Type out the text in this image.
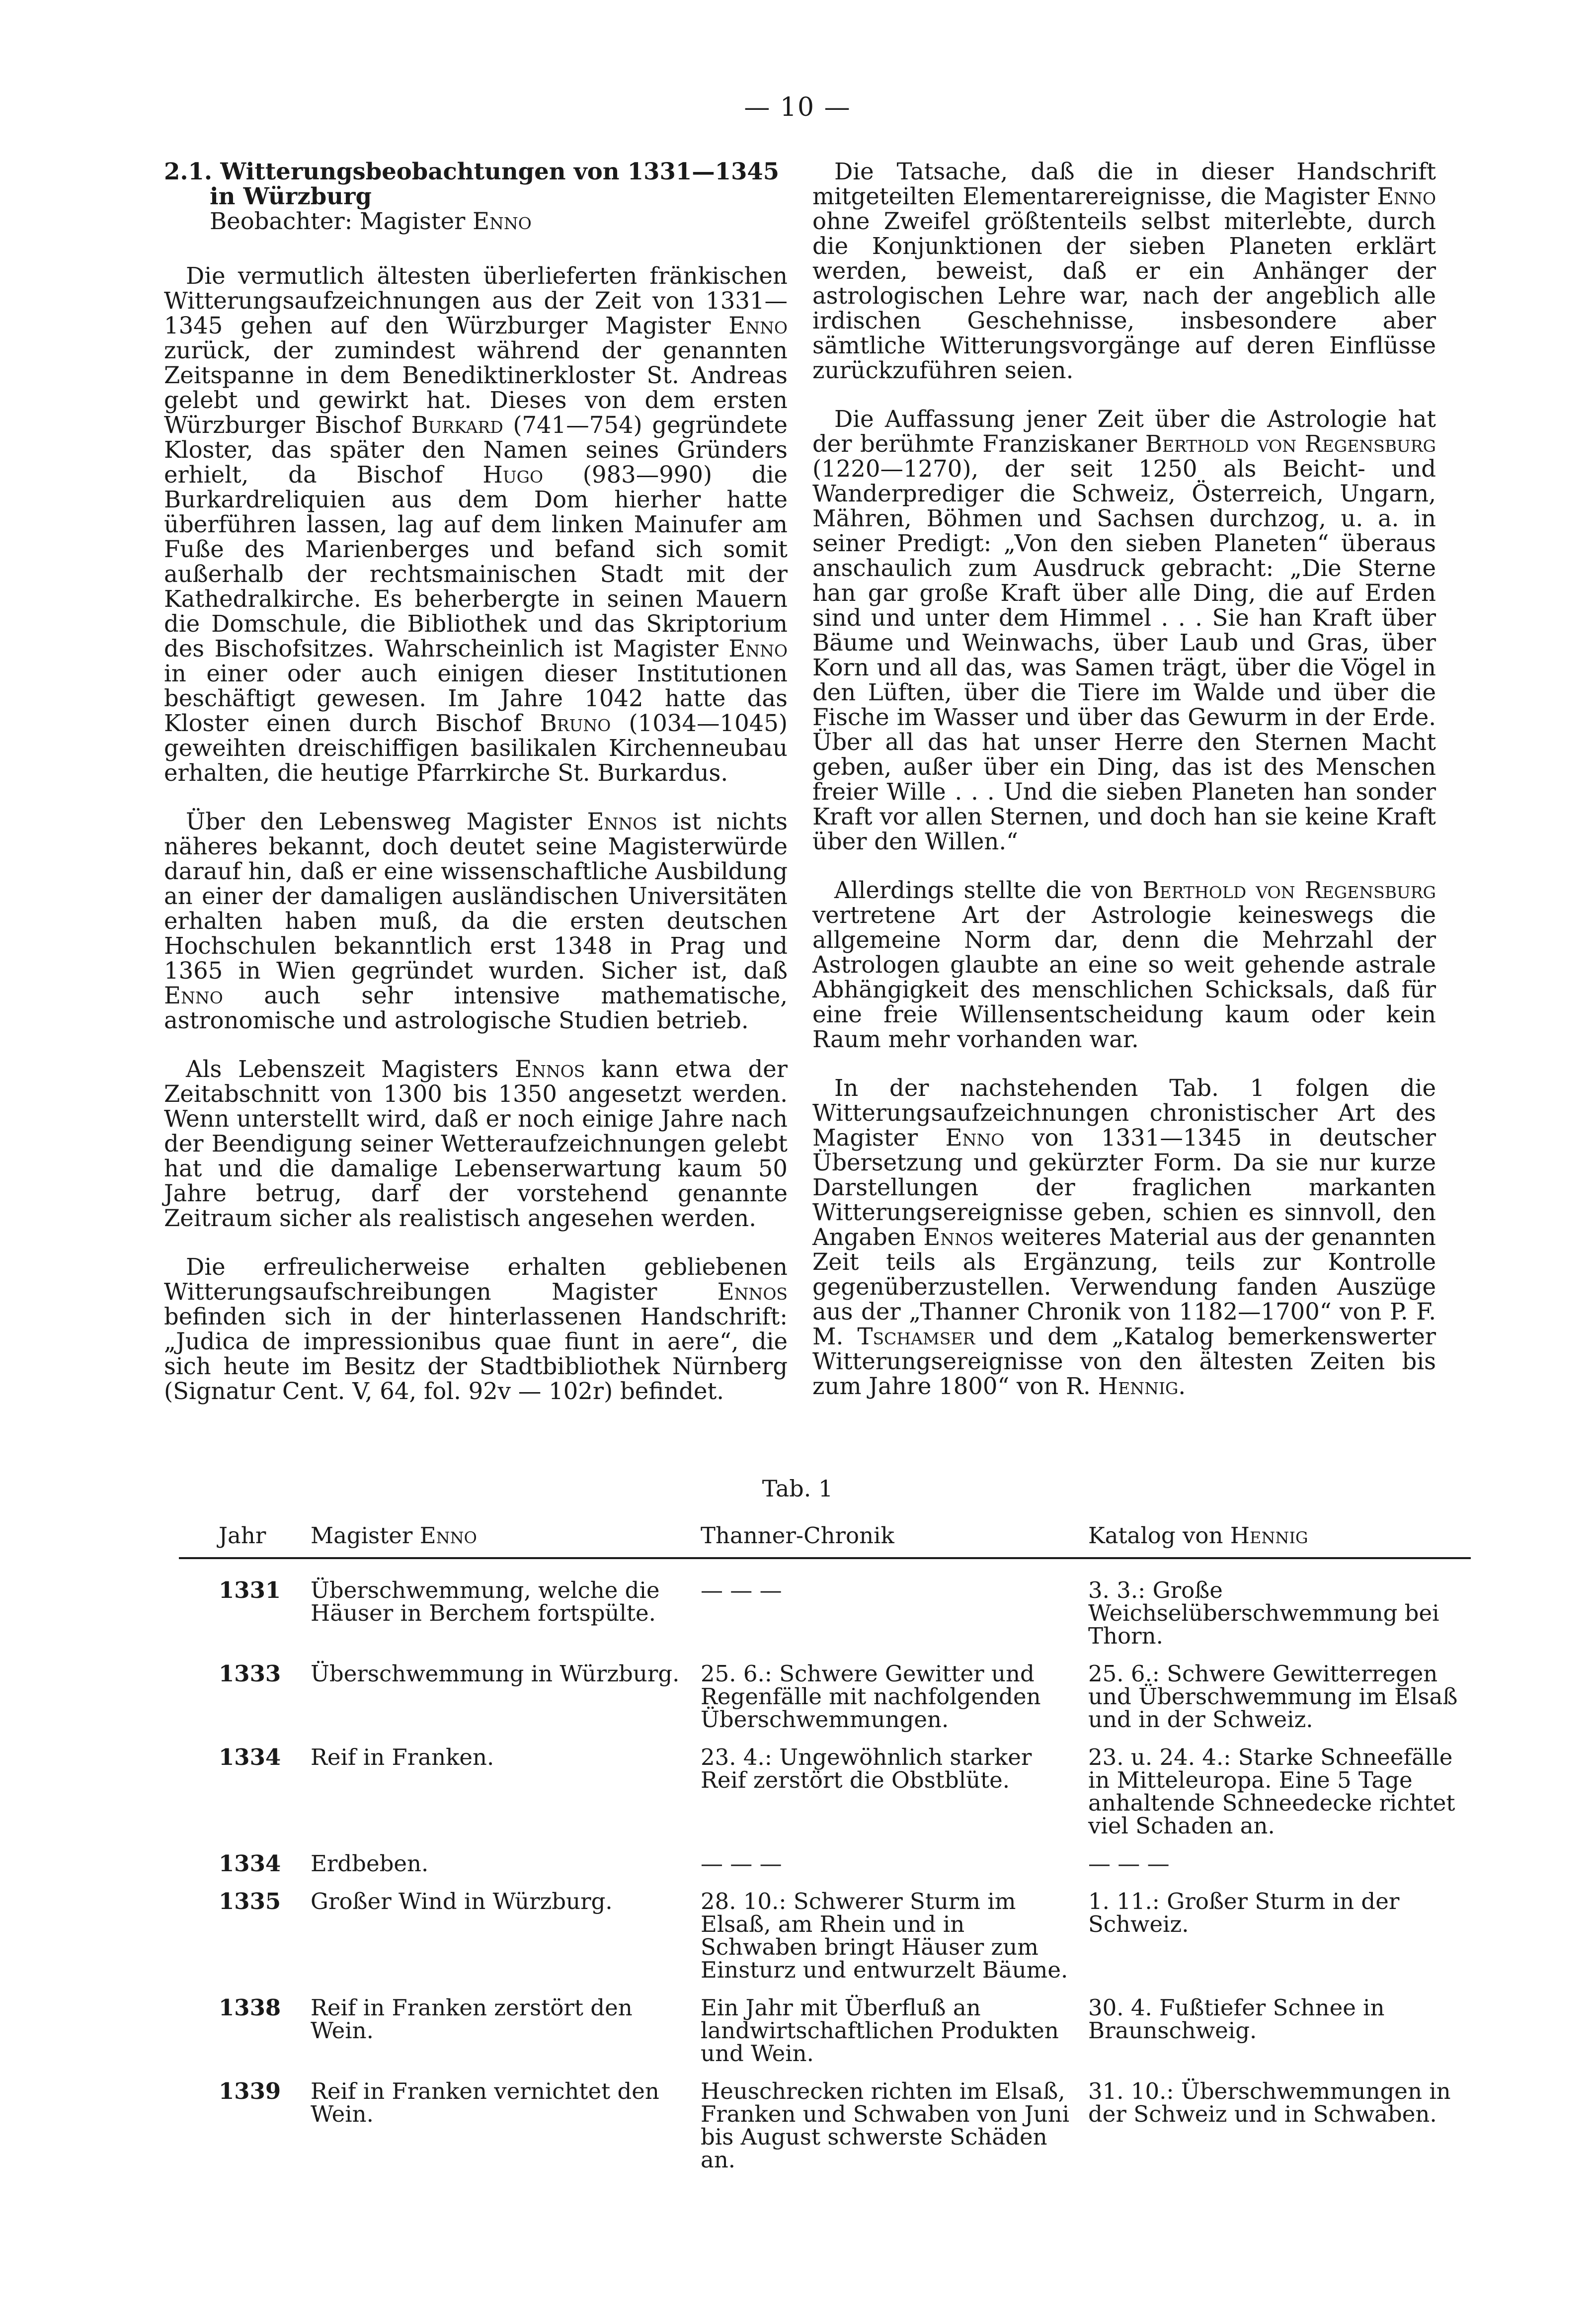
— 10 —
2.1. Witterungsbeobachtungen von 1331—1345 in Würzburg
Beobachter: Magister Enno

Die vermutlich ältesten überlieferten fränkischen Witterungsaufzeichnungen aus der Zeit von 1331—1345 gehen auf den Würzburger Magister Enno zurück, der zumindest während der genannten Zeitspanne in dem Benediktinerkloster St. Andreas gelebt und gewirkt hat. Dieses von dem ersten Würzburger Bischof Burkard (741—754) gegründete Kloster, das später den Namen seines Gründers erhielt, da Bischof Hugo (983—990) die Burkardreliquien aus dem Dom hierher hatte überführen lassen, lag auf dem linken Mainufer am Fuße des Marienberges und befand sich somit außerhalb der rechtsmainischen Stadt mit der Kathedralkirche. Es beherbergte in seinen Mauern die Domschule, die Bibliothek und das Skriptorium des Bischofsitzes. Wahrscheinlich ist Magister Enno in einer oder auch einigen dieser Institutionen beschäftigt gewesen. Im Jahre 1042 hatte das Kloster einen durch Bischof Bruno (1034—1045) geweihten dreischiffigen basilikalen Kirchenneubau erhalten, die heutige Pfarrkirche St. Burkardus.

Über den Lebensweg Magister Ennos ist nichts näheres bekannt, doch deutet seine Magisterwürde darauf hin, daß er eine wissenschaftliche Ausbildung an einer der damaligen ausländischen Universitäten erhalten haben muß, da die ersten deutschen Hochschulen bekanntlich erst 1348 in Prag und 1365 in Wien gegründet wurden. Sicher ist, daß Enno auch sehr intensive mathematische, astronomische und astrologische Studien betrieb.

Als Lebenszeit Magisters Ennos kann etwa der Zeitabschnitt von 1300 bis 1350 angesetzt werden. Wenn unterstellt wird, daß er noch einige Jahre nach der Beendigung seiner Wetteraufzeichnungen gelebt hat und die damalige Lebenserwartung kaum 50 Jahre betrug, darf der vorstehend genannte Zeitraum sicher als realistisch angesehen werden.

Die erfreulicherweise erhalten gebliebenen Witterungsaufschreibungen Magister Ennos befinden sich in der hinterlassenen Handschrift: „Judica de impressionibus quae fiunt in aere“, die sich heute im Besitz der Stadtbibliothek Nürnberg (Signatur Cent. V, 64, fol. 92v — 102r) befindet.

Die Tatsache, daß die in dieser Handschrift mitgeteilten Elementarereignisse, die Magister Enno ohne Zweifel größtenteils selbst miterlebte, durch die Konjunktionen der sieben Planeten erklärt werden, beweist, daß er ein Anhänger der astrologischen Lehre war, nach der angeblich alle irdischen Geschehnisse, insbesondere aber sämtliche Witterungsvorgänge auf deren Einflüsse zurückzuführen seien.

Die Auffassung jener Zeit über die Astrologie hat der berühmte Franziskaner Berthold von Regensburg (1220—1270), der seit 1250 als Beicht- und Wanderprediger die Schweiz, Österreich, Ungarn, Mähren, Böhmen und Sachsen durchzog, u. a. in seiner Predigt: „Von den sieben Planeten“ überaus anschaulich zum Ausdruck gebracht: „Die Sterne han gar große Kraft über alle Ding, die auf Erden sind und unter dem Himmel . . . Sie han Kraft über Bäume und Weinwachs, über Laub und Gras, über Korn und all das, was Samen trägt, über die Vögel in den Lüften, über die Tiere im Walde und über die Fische im Wasser und über das Gewurm in der Erde. Über all das hat unser Herre den Sternen Macht geben, außer über ein Ding, das ist des Menschen freier Wille . . . Und die sieben Planeten han sonder Kraft vor allen Sternen, und doch han sie keine Kraft über den Willen.“

Allerdings stellte die von Berthold von Regensburg vertretene Art der Astrologie keineswegs die allgemeine Norm dar, denn die Mehrzahl der Astrologen glaubte an eine so weit gehende astrale Abhängigkeit des menschlichen Schicksals, daß für eine freie Willensentscheidung kaum oder kein Raum mehr vorhanden war.

In der nachstehenden Tab. 1 folgen die Witterungsaufzeichnungen chronistischer Art des Magister Enno von 1331—1345 in deutscher Übersetzung und gekürzter Form. Da sie nur kurze Darstellungen der fraglichen markanten Witterungsereignisse geben, schien es sinnvoll, den Angaben Ennos weiteres Material aus der genannten Zeit teils als Ergänzung, teils zur Kontrolle gegenüberzustellen. Verwendung fanden Auszüge aus der „Thanner Chronik von 1182—1700“ von P. F. M. Tschamser und dem „Katalog bemerkenswerter Witterungsereignisse von den ältesten Zeiten bis zum Jahre 1800“ von R. Hennig.

Tab. 1
Jahr	Magister Enno	Thanner-Chronik	Katalog von Hennig
1331	Überschwemmung, welche die Häuser in Berchem fortspülte.	— — —	3. 3.: Große Weichselüberschwemmung bei Thorn.
1333	Überschwemmung in Würzburg.	25. 6.: Schwere Gewitter und Regenfälle mit nachfolgenden Überschwemmungen.	25. 6.: Schwere Gewitterregen und Überschwemmung im Elsaß und in der Schweiz.
1334	Reif in Franken.	23. 4.: Ungewöhnlich starker Reif zerstört die Obstblüte.	23. u. 24. 4.: Starke Schneefälle in Mitteleuropa. Eine 5 Tage anhaltende Schneedecke richtet viel Schaden an.
1334	Erdbeben.	— — —	— — —
1335	Großer Wind in Würzburg.	28. 10.: Schwerer Sturm im Elsaß, am Rhein und in Schwaben bringt Häuser zum Einsturz und entwurzelt Bäume.	1. 11.: Großer Sturm in der Schweiz.
1338	Reif in Franken zerstört den Wein.	Ein Jahr mit Überfluß an landwirtschaftlichen Produkten und Wein.	30. 4. Fußtiefer Schnee in Braunschweig.
1339	Reif in Franken vernichtet den Wein.	Heuschrecken richten im Elsaß, Franken und Schwaben von Juni bis August schwerste Schäden an.	31. 10.: Überschwemmungen in der Schweiz und in Schwaben.
